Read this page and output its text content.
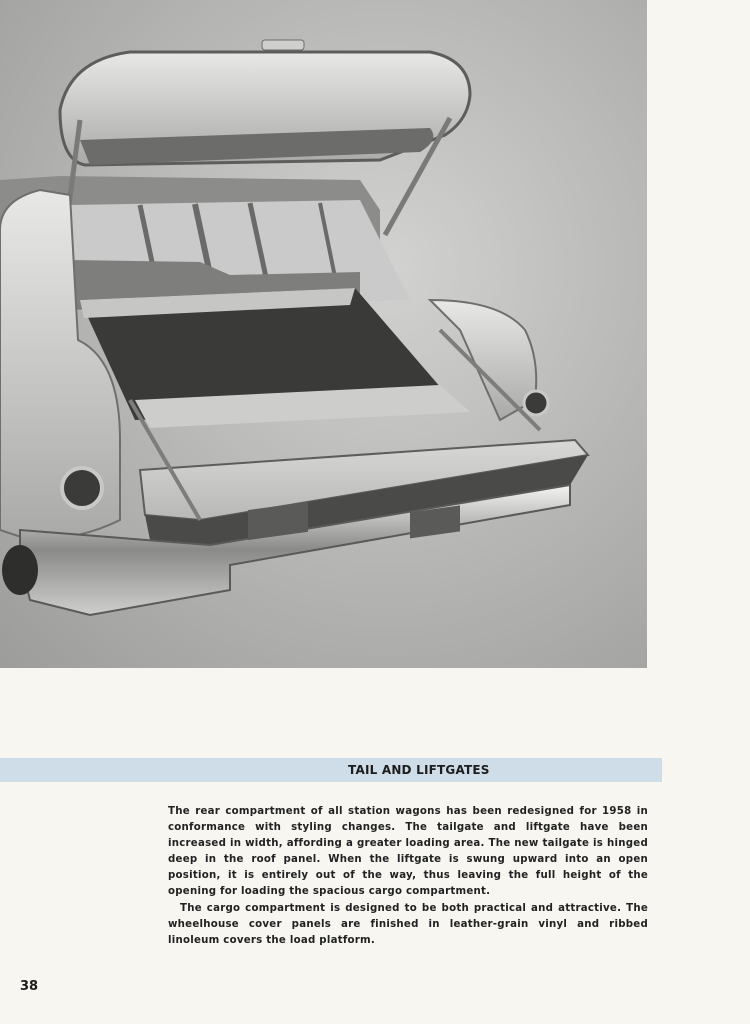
TAIL AND LIFTGATES

The rear compartment of all station wagons has been redesigned for 1958 in conformance with styling changes. The tailgate and liftgate have been increased in width, affording a greater loading area. The new tailgate is hinged deep in the roof panel. When the liftgate is swung upward into an open position, it is entirely out of the way, thus leaving the full height of the opening for loading the spacious cargo compartment.

The cargo compartment is designed to be both practical and attractive. The wheelhouse cover panels are finished in leather-grain vinyl and ribbed linoleum covers the load platform.

38
